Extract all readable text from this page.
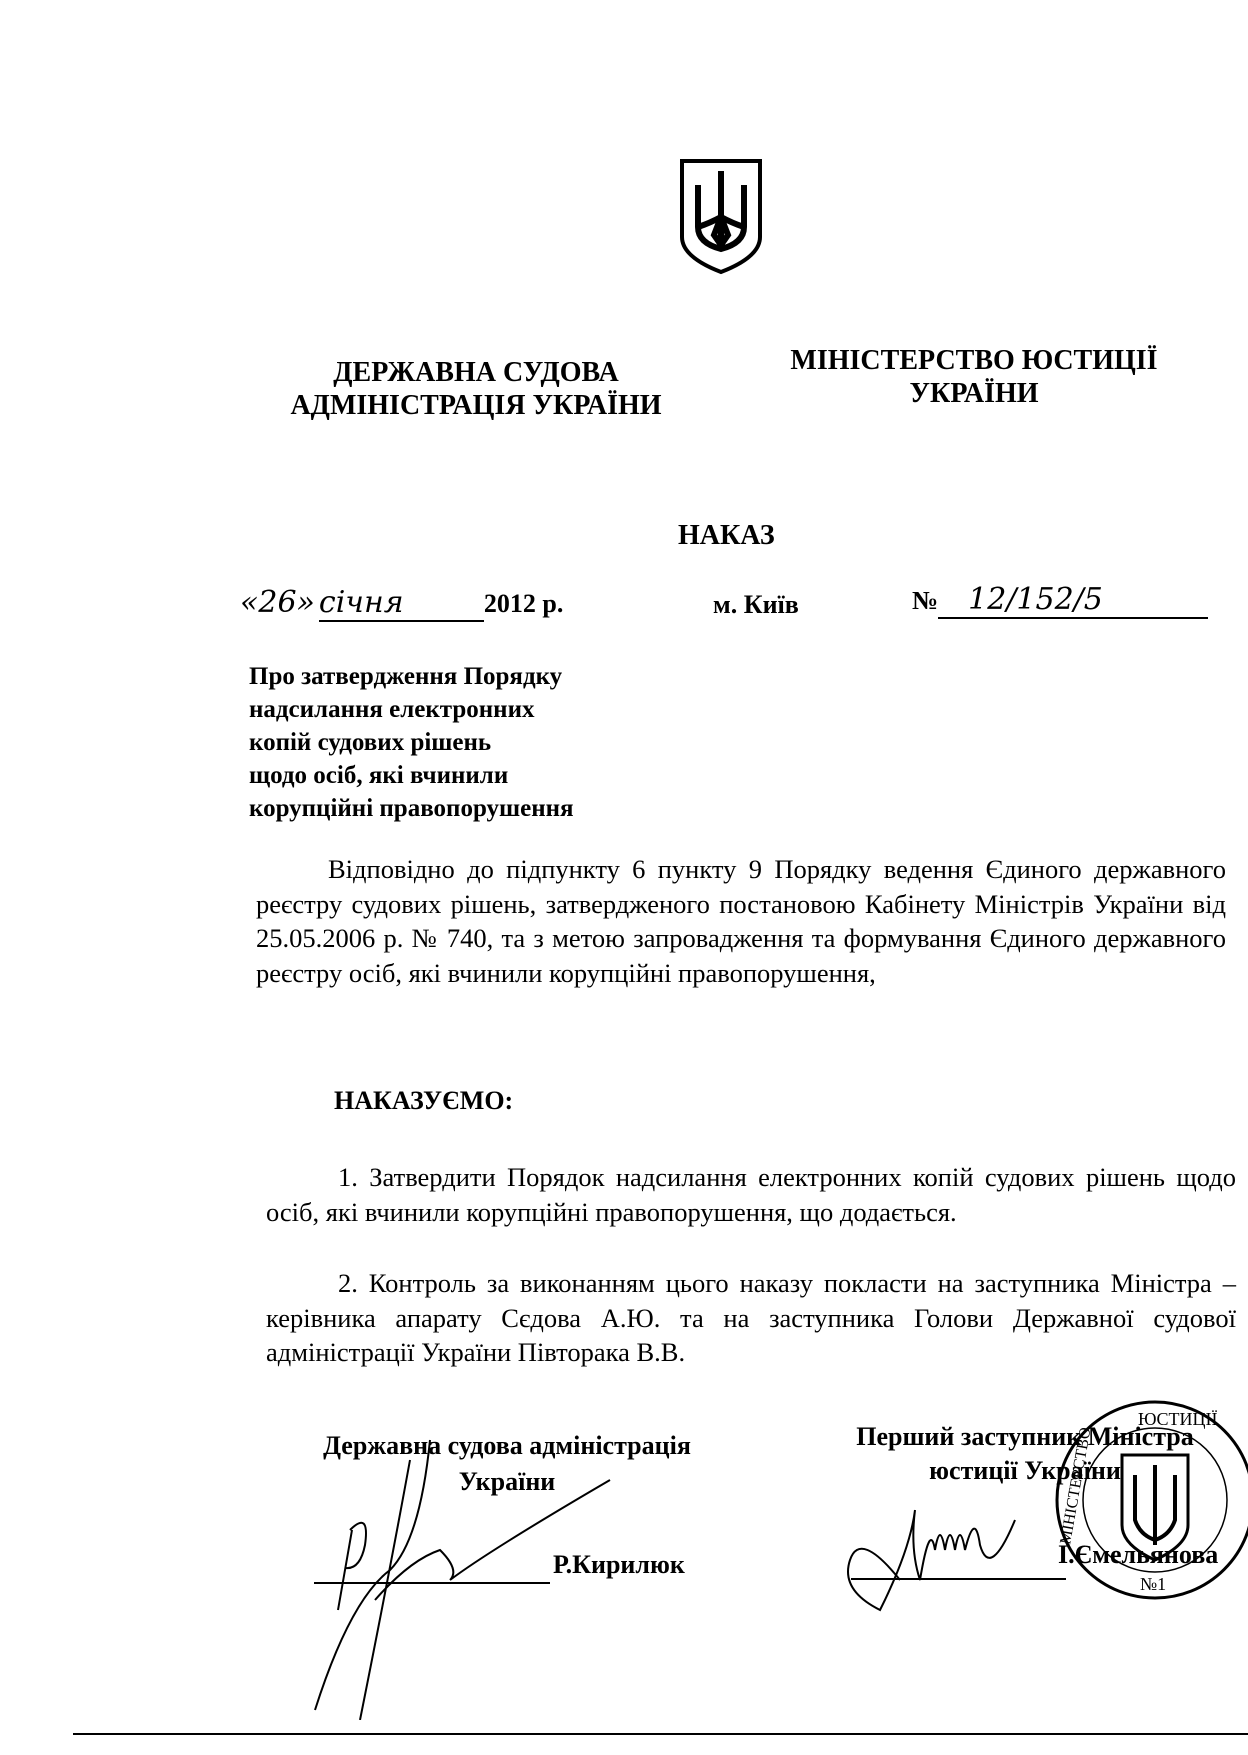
ДЕРЖАВНА СУДОВА
АДМІНІСТРАЦІЯ УКРАЇНИ
МІНІСТЕРСТВО ЮСТИЦІЇ
УКРАЇНИ
НАКАЗ
«26» січня	2012 р.	м. Київ	№ 12/152/5
Про затвердження Порядку
надсилання електронних
копій судових рішень
щодо осіб, які вчинили
корупційні правопорушення
Відповідно до підпункту 6 пункту 9 Порядку ведення Єдиного державного реєстру судових рішень, затвердженого постановою Кабінету Міністрів України від 25.05.2006 р. № 740, та з метою запровадження та формування Єдиного державного реєстру осіб, які вчинили корупційні правопорушення,
НАКАЗУЄМО:
1. Затвердити Порядок надсилання електронних копій судових рішень щодо осіб, які вчинили корупційні правопорушення, що додається.
2. Контроль за виконанням цього наказу покласти на заступника Міністра – керівника апарату Сєдова А.Ю. та на заступника Голови Державної судової адміністрації України Півторака В.В.
Державна судова адміністрація
України
Р.Кирилюк
Перший заступник Міністра
юстиції України
І.Ємельянова
ЮСТИЦІЇ
МІНІСТЕРСТВО
№1
